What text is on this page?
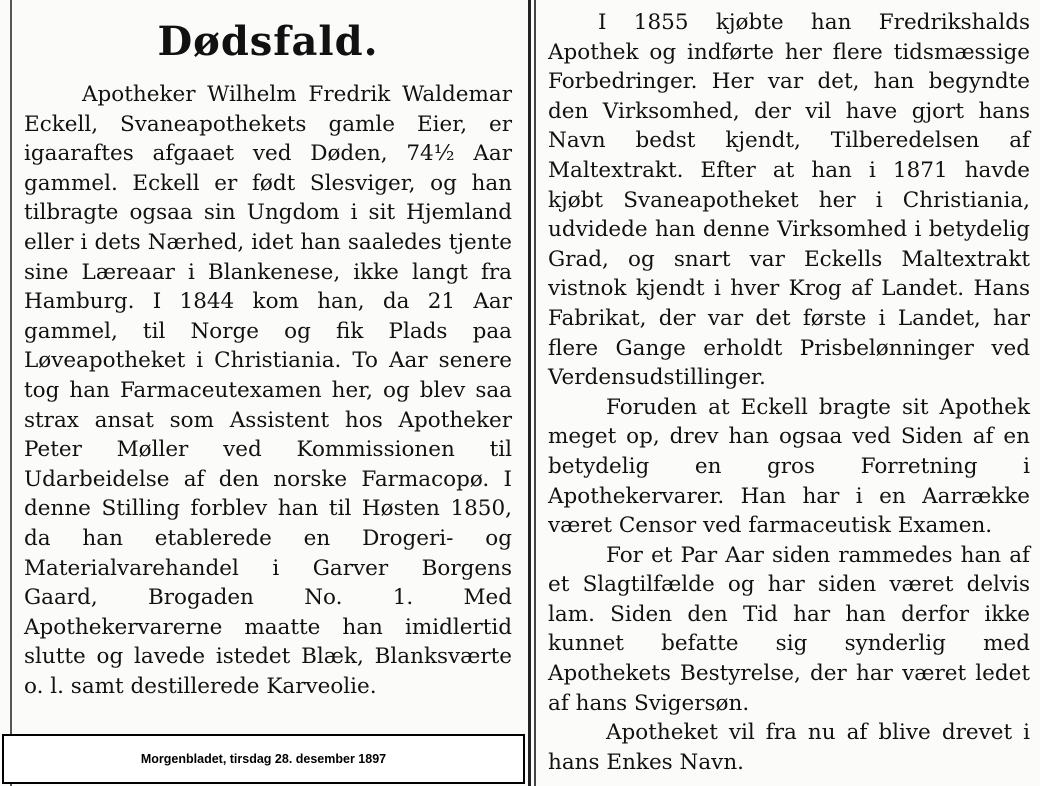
Dødsfald.

Apotheker Wilhelm Fredrik Waldemar Eckell, Svaneapothekets gamle Eier, er igaaraftes afgaaet ved Døden, 74½ Aar gammel. Eckell er født Slesviger, og han tilbragte ogsaa sin Ungdom i sit Hjemland eller i dets Nærhed, idet han saaledes tjente sine Læreaar i Blankenese, ikke langt fra Hamburg. I 1844 kom han, da 21 Aar gammel, til Norge og fik Plads paa Løveapotheket i Christiania. To Aar senere tog han Farmaceutexamen her, og blev saa strax ansat som Assistent hos Apotheker Peter Møller ved Kommissionen til Udarbeidelse af den norske Farmacopø. I denne Stilling forblev han til Høsten 1850, da han etablerede en Drogeri- og Materialvarehandel i Garver Borgens Gaard, Brogaden No. 1. Med Apothekervarerne maatte han imidlertid slutte og lavede istedet Blæk, Blanksværte o. l. samt destillerede Karveolie.

I 1855 kjøbte han Fredrikshalds Apothek og indførte her flere tidsmæssige Forbedringer. Her var det, han begyndte den Virksomhed, der vil have gjort hans Navn bedst kjendt, Tilberedelsen af Maltextrakt. Efter at han i 1871 havde kjøbt Svaneapotheket her i Christiania, udvidede han denne Virksomhed i betydelig Grad, og snart var Eckells Maltextrakt vistnok kjendt i hver Krog af Landet. Hans Fabrikat, der var det første i Landet, har flere Gange erholdt Prisbelønninger ved Verdensudstillinger.

Foruden at Eckell bragte sit Apothek meget op, drev han ogsaa ved Siden af en betydelig en gros Forretning i Apothekervarer. Han har i en Aarrække været Censor ved farmaceutisk Examen.

For et Par Aar siden rammedes han af et Slagtilfælde og har siden været delvis lam. Siden den Tid har han derfor ikke kunnet befatte sig synderlig med Apothekets Bestyrelse, der har været ledet af hans Svigersøn.

Apotheket vil fra nu af blive drevet i hans Enkes Navn.

Morgenbladet, tirsdag 28. desember 1897
